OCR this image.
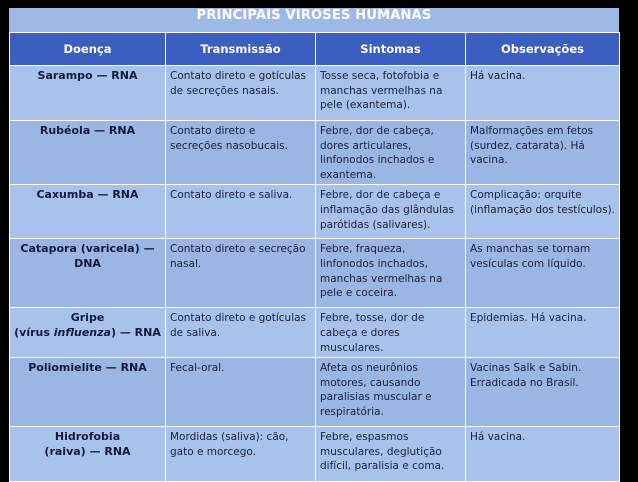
PRINCIPAIS VIROSES HUMANAS
Doença	Transmissão	Sintomas	Observações
Sarampo — RNA	Contato direto e gotículas de secreções nasais.	Tosse seca, fotofobia e manchas vermelhas na pele (exantema).	Há vacina.
Rubéola — RNA	Contato direto e secreções nasobucais.	Febre, dor de cabeça, dores articulares, linfonodos inchados e exantema.	Malformações em fetos (surdez, catarata). Há vacina.
Caxumba — RNA	Contato direto e saliva.	Febre, dor de cabeça e inflamação das glândulas parótidas (salivares).	Complicação: orquite (inflamação dos testículos).
Catapora (varicela) —
DNA	Contato direto e secreção nasal.	Febre, fraqueza, linfonodos inchados, manchas vermelhas na pele e coceira.	As manchas se tornam vesículas com líquido.
Gripe
(vírus influenza) — RNA	Contato direto e gotículas de saliva.	Febre, tosse, dor de cabeça e dores musculares.	Epidemias. Há vacina.
Poliomielite — RNA	Fecal-oral.	Afeta os neurônios motores, causando paralisias muscular e respiratória.	Vacinas Salk e Sabin. Erradicada no Brasil.
Hidrofobia
(raiva) — RNA	Mordidas (saliva): cão, gato e morcego.	Febre, espasmos musculares, deglutição difícil, paralisia e coma.	Há vacina.
